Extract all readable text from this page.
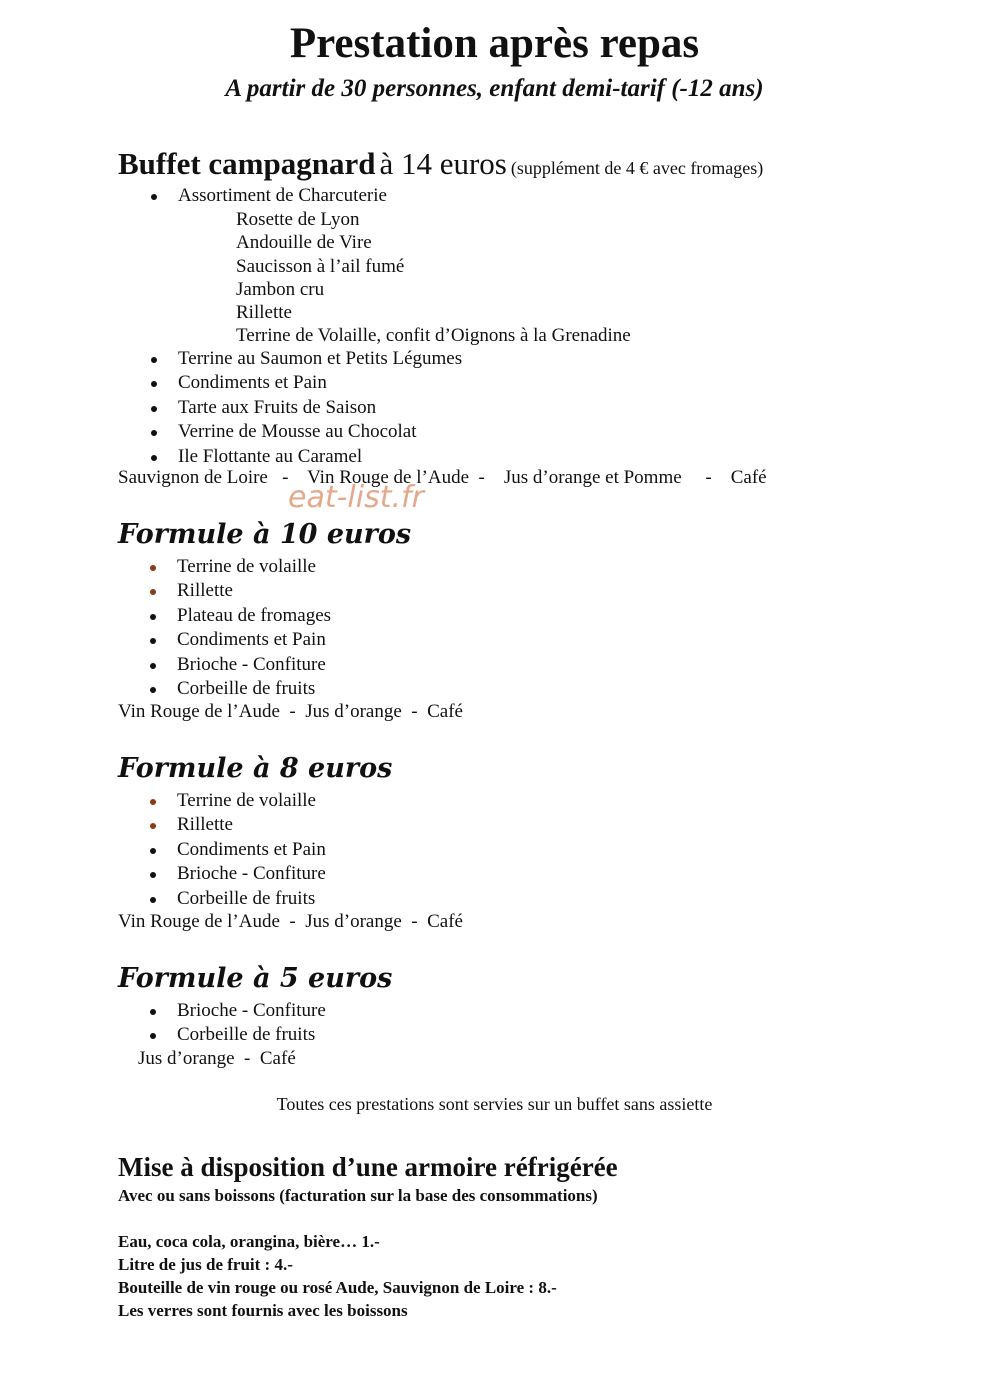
Prestation après repas
A partir de 30 personnes, enfant demi-tarif (-12 ans)
Buffet campagnard à 14 euros (supplément de 4 € avec fromages)
Assortiment de Charcuterie
Rosette de Lyon
Andouille de Vire
Saucisson à l’ail fumé
Jambon cru
Rillette
Terrine de Volaille, confit d’Oignons à la Grenadine
Terrine au Saumon et Petits Légumes
Condiments et Pain
Tarte aux Fruits de Saison
Verrine de Mousse au Chocolat
Ile Flottante au Caramel
Sauvignon de Loire   -    Vin Rouge de l’Aude  -    Jus d’orange et Pomme     -    Café
eat-list.fr
Formule à 10 euros
Terrine de volaille
Rillette
Plateau de fromages
Condiments et Pain
Brioche - Confiture
Corbeille de fruits
Vin Rouge de l’Aude  -  Jus d’orange  -  Café
Formule à 8 euros
Terrine de volaille
Rillette
Condiments et Pain
Brioche - Confiture
Corbeille de fruits
Vin Rouge de l’Aude  -  Jus d’orange  -  Café
Formule à 5 euros
Brioche - Confiture
Corbeille de fruits
Jus d’orange  -  Café
Toutes ces prestations sont servies sur un buffet sans assiette
Mise à disposition d’une armoire réfrigérée
Avec ou sans boissons (facturation sur la base des consommations)
Eau, coca cola, orangina, bière… 1.-
Litre de jus de fruit : 4.-
Bouteille de vin rouge ou rosé Aude, Sauvignon de Loire : 8.-
Les verres sont fournis avec les boissons
